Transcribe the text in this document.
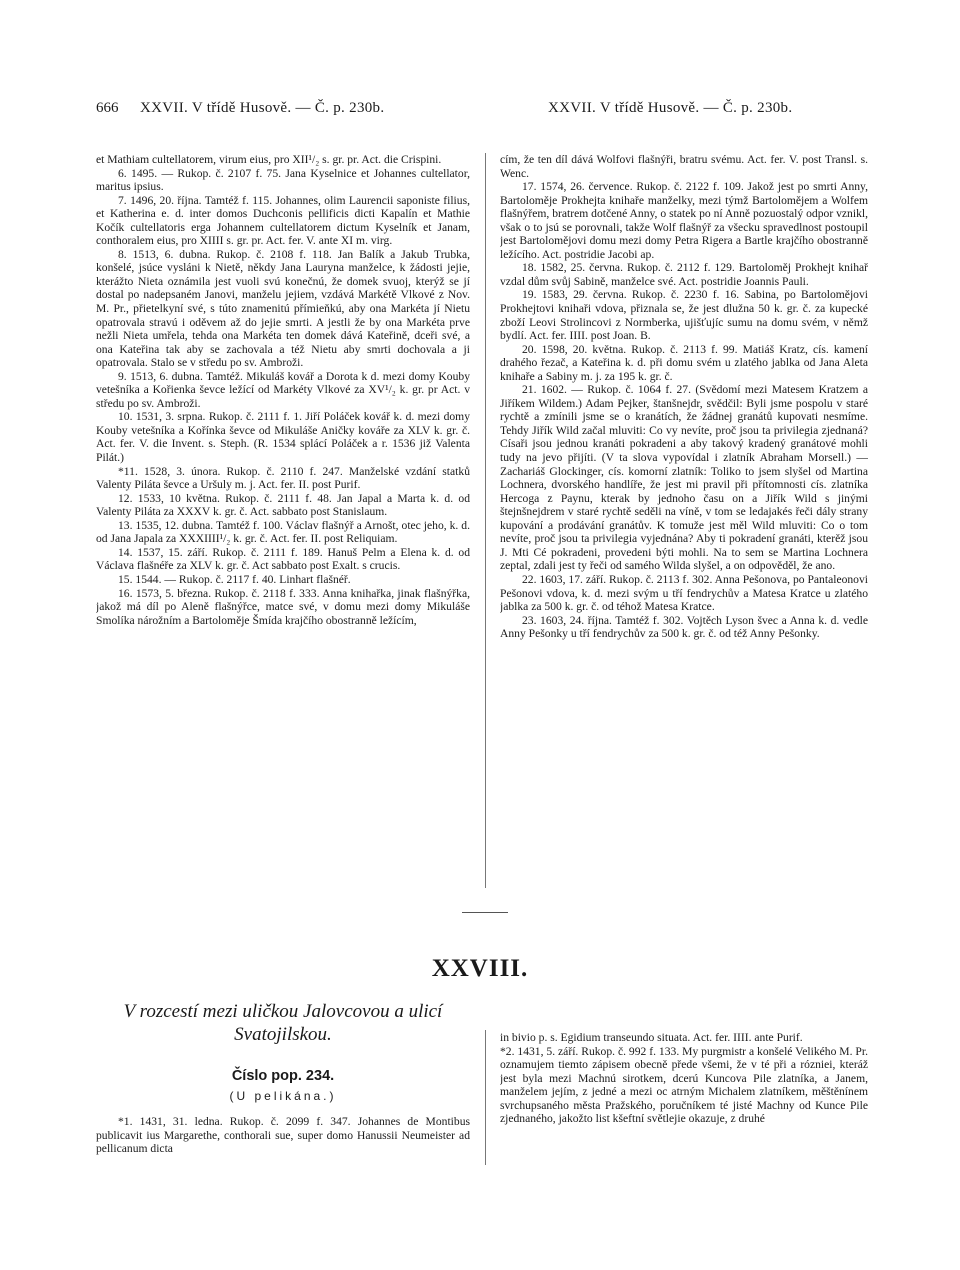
666 XXVII. V třídě Husově. — Č. p. 230b.	XXVII. V třídě Husově. — Č. p. 230b.

et Mathiam cultellatorem, virum eius, pro XII¹/₂ s. gr. pr. Act. die Crispini.

6. 1495. — Rukop. č. 2107 f. 75. Jana Kyselnice et Johannes cultellator, maritus ipsius.

7. 1496, 20. října. Tamtéž f. 115. Johannes, olim Laurencii saponiste filius, et Katherina e. d. inter domos Duchconis pellificis dicti Kapalín et Mathie Kočík cultellatoris erga Johannem cultellatorem dictum Kyselník et Janam, conthoralem eius, pro XIIII s. gr. pr. Act. fer. V. ante XI m. virg.

8. 1513, 6. dubna. Rukop. č. 2108 f. 118. Jan Balík a Jakub Trubka, konšelé, jsúce vysláni k Nietě, někdy Jana Lauryna manželce, k žádosti jejie, kterážto Nieta oznámila jest vuoli svú konečnú, že domek svuoj, kterýž se jí dostal po nadepsaném Janovi, manželu jejiem, vzdává Markétě Vlkové z Nov. M. Pr., přietelkyní své, s túto znamenitú přímieňkú, aby ona Markéta jí Nietu opatrovala stravú i oděvem až do jejie smrti. A jestli že by ona Markéta prve nežli Nieta umřela, tehda ona Markéta ten domek dává Kateřině, dceři své, a ona Kateřina tak aby se zachovala a též Nietu aby smrti dochovala a ji opatrovala. Stalo se v středu po sv. Ambroži.

9. 1513, 6. dubna. Tamtéž. Mikuláš kovář a Dorota k d. mezi domy Kouby vetešníka a Kořienka ševce ležící od Markéty Vlkové za XV¹/₂ k. gr. pr Act. v středu po sv. Ambroži.

10. 1531, 3. srpna. Rukop. č. 2111 f. 1. Jiří Poláček kovář k. d. mezi domy Kouby vetešníka a Kořínka ševce od Mikuláše Aničky kováře za XLV k. gr. č. Act. fer. V. die Invent. s. Steph. (R. 1534 splácí Poláček a r. 1536 již Valenta Pilát.)

*11. 1528, 3. února. Rukop. č. 2110 f. 247. Manželské vzdání statků Valenty Piláta ševce a Uršuly m. j. Act. fer. II. post Purif.

12. 1533, 10 května. Rukop. č. 2111 f. 48. Jan Japal a Marta k. d. od Valenty Piláta za XXXV k. gr. č. Act. sabbato post Stanislaum.

13. 1535, 12. dubna. Tamtéž f. 100. Václav flašnýř a Arnošt, otec jeho, k. d. od Jana Japala za XXXIIII¹/₂ k. gr. č. Act. fer. II. post Reliquiam.

14. 1537, 15. září. Rukop. č. 2111 f. 189. Hanuš Pelm a Elena k. d. od Václava flašnéře za XLV k. gr. č. Act sabbato post Exalt. s crucis.

15. 1544. — Rukop. č. 2117 f. 40. Linhart flašnéř.

16. 1573, 5. března. Rukop. č. 2118 f. 333. Anna knihařka, jinak flašnýřka, jakož má díl po Aleně flašnýřce, matce své, v domu mezi domy Mikuláše Smolíka nárožním a Bartoloměje Šmída krajčího obostranně ležícím,

cím, že ten díl dává Wolfovi flašnýři, bratru svému. Act. fer. V. post Transl. s. Wenc.

17. 1574, 26. července. Rukop. č. 2122 f. 109. Jakož jest po smrti Anny, Bartoloměje Prokhejta knihaře manželky, mezi týmž Bartolomějem a Wolfem flašnýřem, bratrem dotčené Anny, o statek po ní Anně pozuostalý odpor vznikl, však o to jsú se porovnali, takže Wolf flašnýř za všecku spravedlnost postoupil jest Bartolomějovi domu mezi domy Petra Rigera a Bartle krajčího obostranně ležícího. Act. postridie Jacobi ap.

18. 1582, 25. června. Rukop. č. 2112 f. 129. Bartoloměj Prokhejt knihař vzdal dům svůj Sabině, manželce své. Act. postridie Joannis Pauli.

19. 1583, 29. června. Rukop. č. 2230 f. 16. Sabina, po Bartolomějovi Prokhejtovi knihaři vdova, přiznala se, že jest dlužna 50 k. gr. č. za kupecké zboží Leovi Strolincovi z Normberka, ujišťujíc sumu na domu svém, v němž bydlí. Act. fer. IIII. post Joan. B.

20. 1598, 20. května. Rukop. č. 2113 f. 99. Matiáš Kratz, cís. kamení drahého řezač, a Kateřina k. d. při domu svém u zlatého jablka od Jana Aleta knihaře a Sabiny m. j. za 195 k. gr. č.

21. 1602. — Rukop. č. 1064 f. 27. (Svědomí mezi Matesem Kratzem a Jiříkem Wildem.) Adam Pejker, štanšnejdr, svědčil: Byli jsme pospolu v staré rychtě a zmínili jsme se o kranátích, že žádnej granátů kupovati nesmíme. Tehdy Jiřík Wild začal mluviti: Co vy nevíte, proč jsou ta privilegia zjednaná? Císaři jsou jednou kranáti pokradeni a aby takový kradený granátové mohli tudy na jevo přijíti. (V ta slova vypovídal i zlatník Abraham Morsell.) — Zachariáš Glockinger, cís. komorní zlatník: Toliko to jsem slyšel od Martina Lochnera, dvorského handlíře, že jest mi pravil při přítomnosti cís. zlatníka Hercoga z Paynu, kterak by jednoho času on a Jiřík Wild s jinými štejnšnejdrem v staré rychtě seděli na víně, v tom se ledajakés řeči dály strany kupování a prodávání granátův. K tomuže jest měl Wild mluviti: Co o tom nevíte, proč jsou ta privilegia vyjednána? Aby ti pokradení granáti, kterěž jsou J. Mti Cé pokradeni, provedeni býti mohli. Na to sem se Martina Lochnera zeptal, zdali jest ty řeči od samého Wilda slyšel, a on odpověděl, že ano.

22. 1603, 17. září. Rukop. č. 2113 f. 302. Anna Pešonova, po Pantaleonovi Pešonovi vdova, k. d. mezi svým u tří fendrychův a Matesa Kratce u zlatého jablka za 500 k. gr. č. od téhož Matesa Kratce.

23. 1603, 24. října. Tamtéž f. 302. Vojtěch Lyson švec a Anna k. d. vedle Anny Pešonky u tří fendrychův za 500 k. gr. č. od též Anny Pešonky.

XXVIII.
V rozcestí mezi uličkou Jalovcovou a ulicí Svatojilskou.
Číslo pop. 234.
(U pelikána.)

*1. 1431, 31. ledna. Rukop. č. 2099 f. 347. Johannes de Montibus publicavit ius Margarethe, conthorali sue, super domo Hanussii Neumeister ad pellicanum dicta

in bivio p. s. Egidium transeundo situata. Act. fer. IIII. ante Purif.

*2. 1431, 5. září. Rukop. č. 992 f. 133. My purgmistr a konšelé Velikého M. Pr. oznamujem tiemto zápisem obecně přede všemi, že v té při a rózniei, kteráž jest byla mezi Machnú sirotkem, dcerú Kuncova Pile zlatníka, a Janem, manželem jejím, z jedné a mezi oc atrným Michalem zlatníkem, měštěnínem svrchupsaného města Pražského, poručníkem té jisté Machny od Kunce Pile zjednaného, jakožto list kšeftní světlejie okazuje, z druhé
